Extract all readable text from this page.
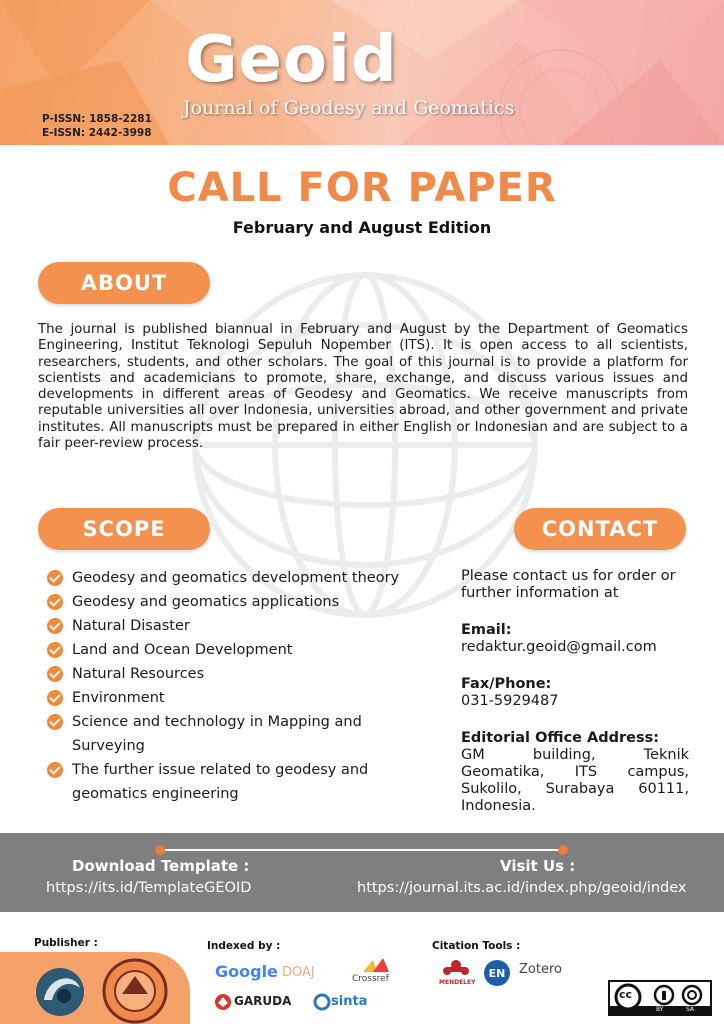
Geoid
Journal of Geodesy and Geomatics
P-ISSN: 1858-2281
E-ISSN: 2442-3998
CALL FOR PAPER
February and August Edition
ABOUT
The journal is published biannual in February and August by the Department of Geomatics Engineering, Institut Teknologi Sepuluh Nopember (ITS). It is open access to all scientists, researchers, students, and other scholars. The goal of this journal is to provide a platform for scientists and academicians to promote, share, exchange, and discuss various issues and developments in different areas of Geodesy and Geomatics. We receive manuscripts from reputable universities all over Indonesia, universities abroad, and other government and private institutes. All manuscripts must be prepared in either English or Indonesian and are subject to a fair peer-review process.
SCOPE
Geodesy and geomatics development theory
Geodesy and geomatics applications
Natural Disaster
Land and Ocean Development
Natural Resources
Environment
Science and technology in Mapping and Surveying
The further issue related to geodesy and geomatics engineering
CONTACT
Please contact us for order or further information at
Email:
redaktur.geoid@gmail.com
Fax/Phone:
031-5929487
Editorial Office Address:
GM building, Teknik Geomatika, ITS campus, Sukolilo, Surabaya 60111, Indonesia.
Download Template :
https://its.id/TemplateGEOID
Visit Us :
https://journal.its.ac.id/index.php/geoid/index
Publisher :	Indexed by :
Google DOAJ	Crossref
GARUDA	sinta
Citation Tools :
MENDELEY
EN	Zotero
cc
BY	SA
